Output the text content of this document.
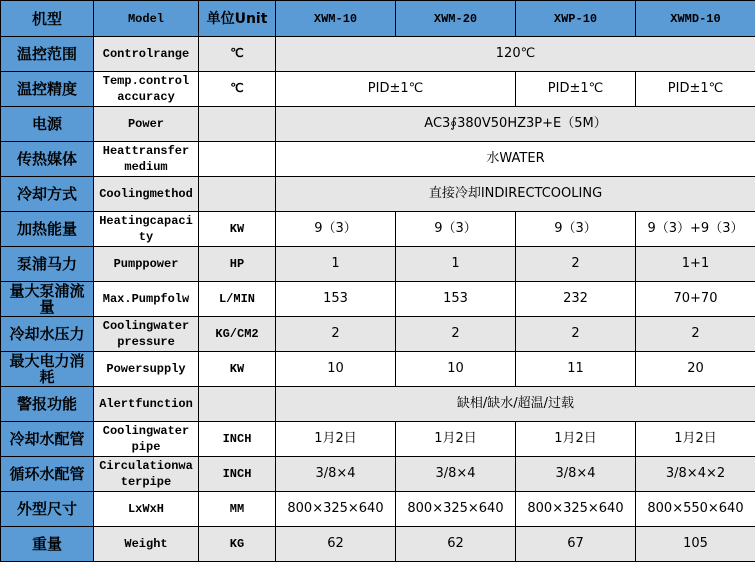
机型	Model	单位Unit	XWM-10	XWM-20	XWP-10	XWMD-10
温控范围	Controlrange	℃	120℃			
温控精度	Temp.control accuracy	℃	PID±1℃		PID±1℃	PID±1℃
电源	Power		AC3∮380V50HZ3P+E（5M）			
传热媒体	Heattransfer medium		水WATER			
冷却方式	Coolingmethod		直接冷却INDIRECTCOOLING			
加热能量	Heatingcapacity	KW	9（3）	9（3）	9（3）	9（3）+9（3）
泵浦马力	Pumppower	HP	1	1	2	1+1
量大泵浦流量	Max.Pumpfolw	L/MIN	153	153	232	70+70
冷却水压力	Coolingwater pressure	KG/CM2	2	2	2	2
最大电力消耗	Powersupply	KW	10	10	11	20
警报功能	Alertfunction		缺相/缺水/超温/过载			
冷却水配管	Coolingwater pipe	INCH	1月2日	1月2日	1月2日	1月2日
循环水配管	Circulationwaterpipe	INCH	3/8×4	3/8×4	3/8×4	3/8×4×2
外型尺寸	LxWxH	MM	800×325×640	800×325×640	800×325×640	800×550×640
重量	Weight	KG	62	62	67	105
